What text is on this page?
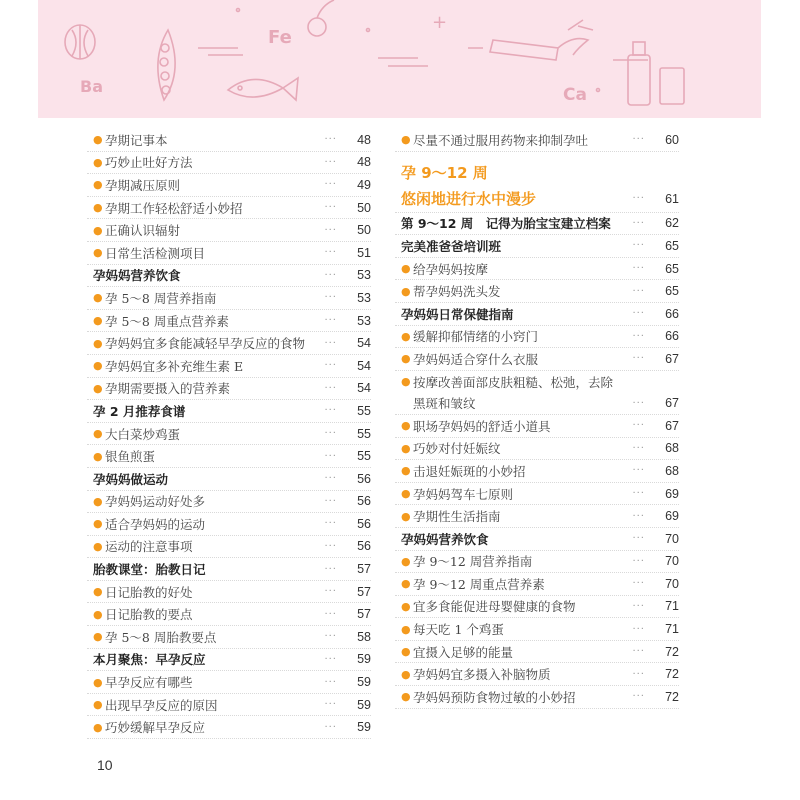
Fe
Ba	Ca
+
● 孕期记事本	···	48
● 巧妙止吐好方法	···	48
● 孕期减压原则	···	49
● 孕期工作轻松舒适小妙招	···	50
● 正确认识辐射	···	50
● 日常生活检测项目	···	51
孕妈妈营养饮食	···	53
● 孕 5～8 周营养指南	···	53
● 孕 5～8 周重点营养素	···	53
● 孕妈妈宜多食能减轻早孕反应的食物	···	54
● 孕妈妈宜多补充维生素 E	···	54
● 孕期需要摄入的营养素	···	54
孕 2 月推荐食谱	···	55
● 大白菜炒鸡蛋	···	55
● 银鱼煎蛋	···	55
孕妈妈做运动	···	56
● 孕妈妈运动好处多	···	56
● 适合孕妈妈的运动	···	56
● 运动的注意事项	···	56
胎教课堂：胎教日记	···	57
● 日记胎教的好处	···	57
● 日记胎教的要点	···	57
● 孕 5～8 周胎教要点	···	58
本月聚焦：早孕反应	···	59
● 早孕反应有哪些	···	59
● 出现早孕反应的原因	···	59
● 巧妙缓解早孕反应	···	59
● 尽量不通过服用药物来抑制孕吐	···	60
孕 9～12 周
悠闲地进行水中漫步	···	61
第 9～12 周　记得为胎宝宝建立档案	···	62
完美准爸爸培训班	···	65
● 给孕妈妈按摩	···	65
● 帮孕妈妈洗头发	···	65
孕妈妈日常保健指南	···	66
● 缓解抑郁情绪的小窍门	···	66
● 孕妈妈适合穿什么衣服	···	67
● 按摩改善面部皮肤粗糙、松弛，去除
黑斑和皱纹	···	67
● 职场孕妈妈的舒适小道具	···	67
● 巧妙对付妊娠纹	···	68
● 击退妊娠斑的小妙招	···	68
● 孕妈妈驾车七原则	···	69
● 孕期性生活指南	···	69
孕妈妈营养饮食	···	70
● 孕 9～12 周营养指南	···	70
● 孕 9～12 周重点营养素	···	70
● 宜多食能促进母婴健康的食物	···	71
● 每天吃 1 个鸡蛋	···	71
● 宜摄入足够的能量	···	72
● 孕妈妈宜多摄入补脑物质	···	72
● 孕妈妈预防食物过敏的小妙招	···	72
10
